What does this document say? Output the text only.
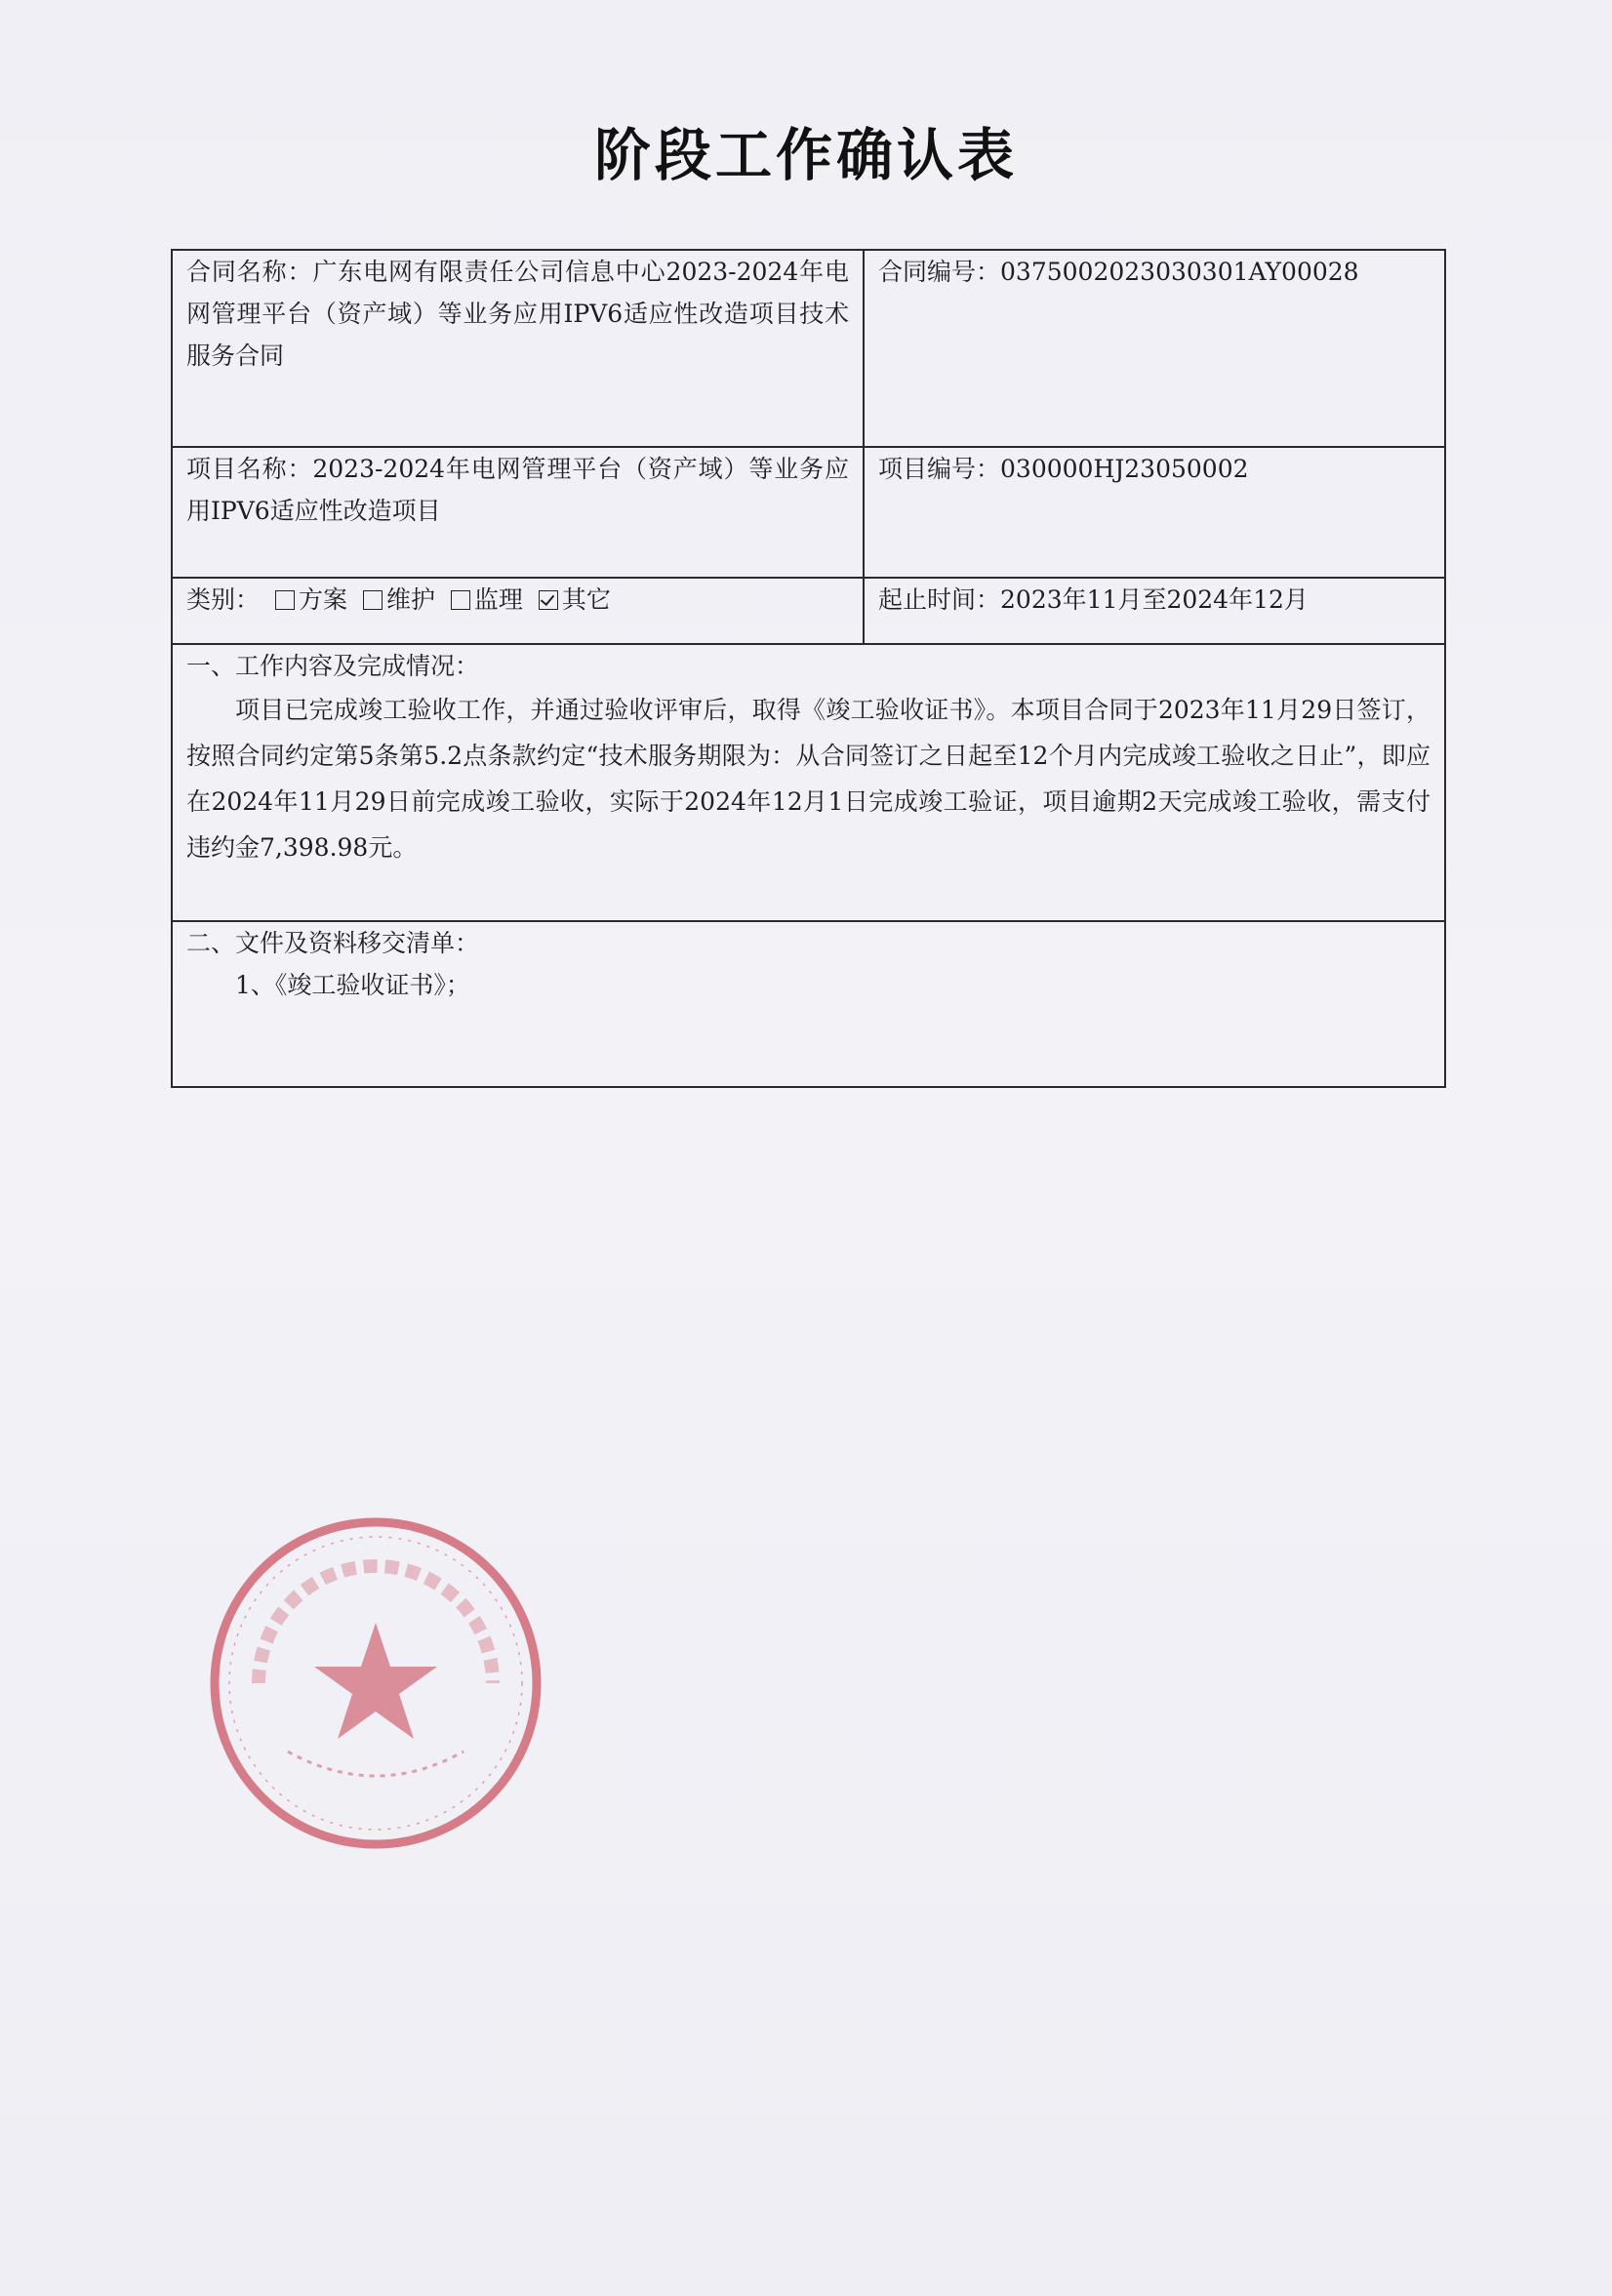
阶段工作确认表
合同名称：广东电网有限责任公司信息中心2023-2024年电网管理平台（资产域）等业务应用IPV6适应性改造项目技术服务合同	合同编号：0375002023030301AY00028
项目名称：2023-2024年电网管理平台（资产域）等业务应用IPV6适应性改造项目	项目编号：030000HJ23050002
类别： 方案 维护 监理 其它	起止时间：2023年11月至2024年12月

一、工作内容及完成情况：
项目已完成竣工验收工作，并通过验收评审后，取得《竣工验收证书》。本项目合同于2023年11月29日签订，按照合同约定第5条第5.2点条款约定“技术服务期限为：从合同签订之日起至12个月内完成竣工验收之日止”，即应在2024年11月29日前完成竣工验收，实际于2024年12月1日完成竣工验证，项目逾期2天完成竣工验收，需支付违约金7,398.98元。	

二、文件及资料移交清单：
1、《竣工验收证书》；	
